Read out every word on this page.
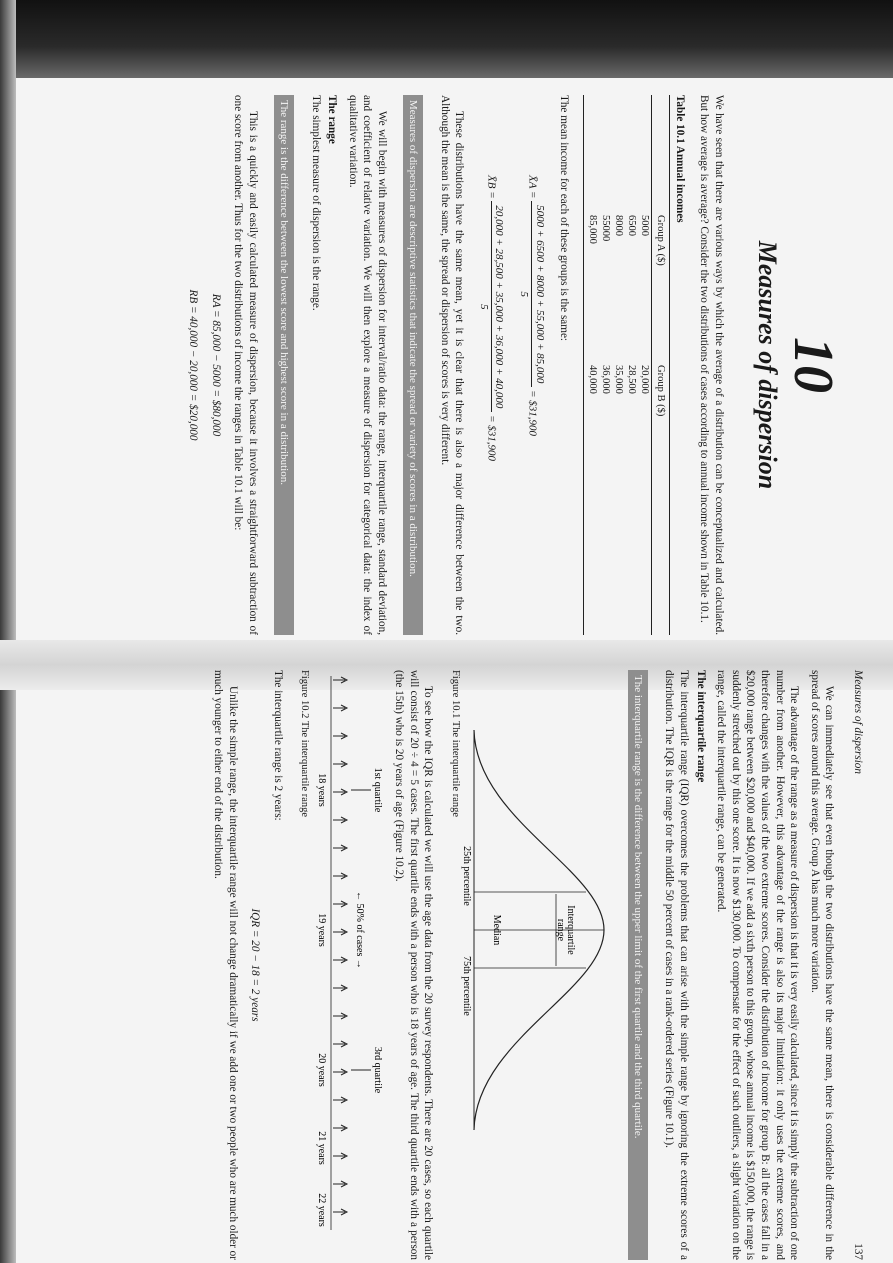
10
Measures of dispersion

We have seen that there are various ways by which the average of a distribution can be conceptualized and calculated. But how average is average? Consider the two distributions of cases according to annual income shown in Table 10.1.

Table 10.1 Annual incomes
Group A ($)	Group B ($)
5000	20,000
6500	28,500
8000	35,000
55000	36,000
85,000	40,000

The mean income for each of these groups is the same:

X̄A =
5000 + 6500 + 8000 + 55,000 + 85,000
5
= $31,900
X̄B =
20,000 + 28,500 + 35,000 + 36,000 + 40,000
5
= $31,900

These distributions have the same mean, yet it is clear that there is also a major difference between the two. Although the mean is the same, the spread or dispersion of scores is very different.

Measures of dispersion are descriptive statistics that indicate the spread or variety of scores in a distribution.

We will begin with measures of dispersion for interval/ratio data: the range, interquartile range, standard deviation, and coefficient of relative variation. We will then explore a measure of dispersion for categorical data: the index of qualitative variation.

The range

The simplest measure of dispersion is the range.

The range is the difference between the lowest score and highest score in a distribution.

This is a quickly and easily calculated measure of dispersion, because it involves a straightforward subtraction of one score from another. Thus for the two distributions of income the ranges in Table 10.1 will be:

RA = 85,000 − 5000 = $80,000
RB = 40,000 − 20,000 = $20,000
Measures of dispersion
137

We can immediately see that even though the two distributions have the same mean, there is considerable difference in the spread of scores around this average. Group A has much more variation.

The advantage of the range as a measure of dispersion is that it is very easily calculated, since it is simply the subtraction of one number from another. However, this advantage of the range is also its major limitation: it only uses the extreme scores, and therefore changes with the values of the two extreme scores. Consider the distribution of income for group B: all the cases fall in a $20,000 range between $20,000 and $40,000. If we add a sixth person to this group, whose annual income is $150,000, the range is suddenly stretched out by this one score. It is now $130,000. To compensate for the effect of such outliers, a slight variation on the range, called the interquartile range, can be generated.

The interquartile range

The interquartile range (IQR) overcomes the problems that can arise with the simple range by ignoring the extreme scores of a distribution. The IQR is the range for the middle 50 percent of cases in a rank-ordered series (Figure 10.1).

The interquartile range is the difference between the upper limit of the first quartile and the third quartile.
Interquartile
range
Median
25th percentile
75th percentile
Figure 10.1 The interquartile range

To see how the IQR is calculated we will use the age data from the 20 survey respondents. There are 20 cases, so each quartile will consist of 20 ÷ 4 = 5 cases. The first quartile ends with a person who is 18 years of age. The third quartile ends with a person (the 15th) who is 20 years of age (Figure 10.2).

1st quartile
3rd quartile
← 50% of cases →
18 years
19 years
20 years
21 years
22 years
Figure 10.2 The interquartile range

The interquartile range is 2 years:

IQR = 20 − 18 = 2 years

Unlike the simple range, the interquartile range will not change dramatically if we add one or two people who are much older or much younger to either end of the distribution.
